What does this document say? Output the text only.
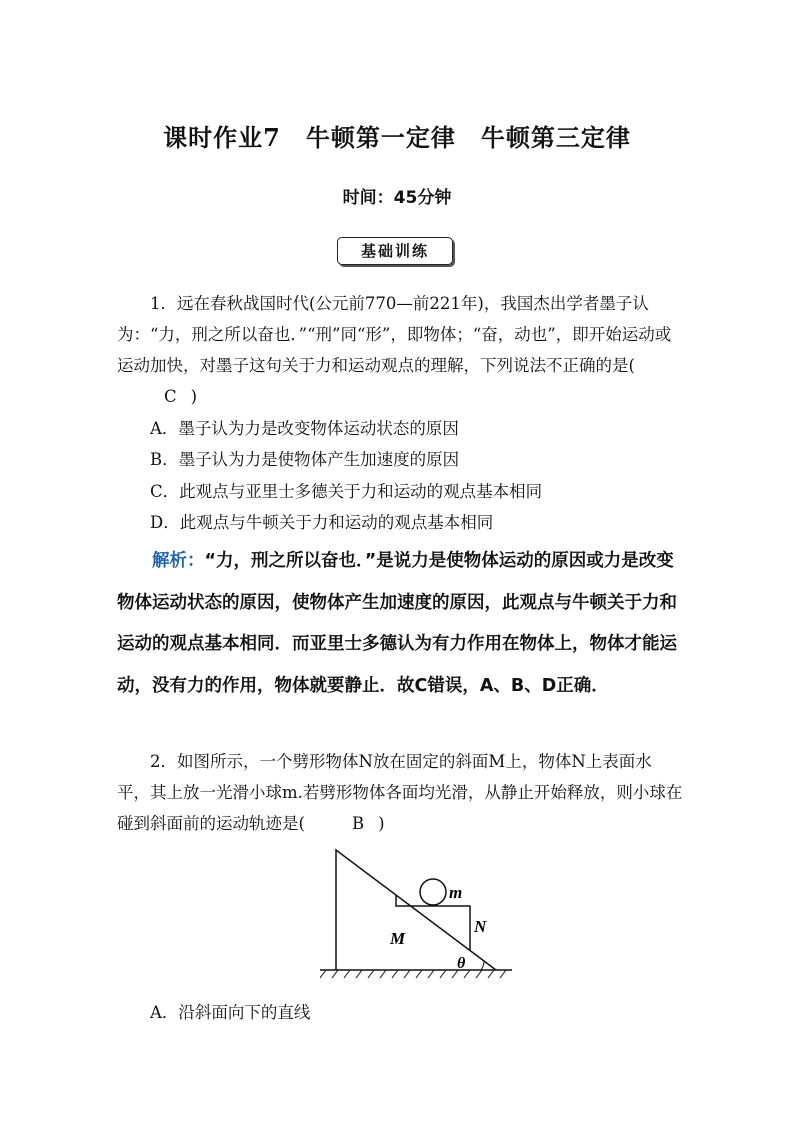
课时作业7　牛顿第一定律　牛顿第三定律
时间：45分钟
基础训练
1．远在春秋战国时代(公元前770—前221年)，我国杰出学者墨子认为：“力，刑之所以奋也．”“刑”同“形”，即物体；“奋，动也”，即开始运动或运动加快，对墨子这句关于力和运动观点的理解，下列说法不正确的是(C )
A．墨子认为力是改变物体运动状态的原因
B．墨子认为力是使物体产生加速度的原因
C．此观点与亚里士多德关于力和运动的观点基本相同
D．此观点与牛顿关于力和运动的观点基本相同
解析：“力，刑之所以奋也．”是说力是使物体运动的原因或力是改变物体运动状态的原因，使物体产生加速度的原因，此观点与牛顿关于力和运动的观点基本相同．而亚里士多德认为有力作用在物体上，物体才能运动，没有力的作用，物体就要静止．故C错误，A、B、D正确．
2．如图所示，一个劈形物体N放在固定的斜面M上，物体N上表面水平，其上放一光滑小球m.若劈形物体各面均光滑，从静止开始释放，则小球在碰到斜面前的运动轨迹是(	B )
m
N
M
θ
A．沿斜面向下的直线
